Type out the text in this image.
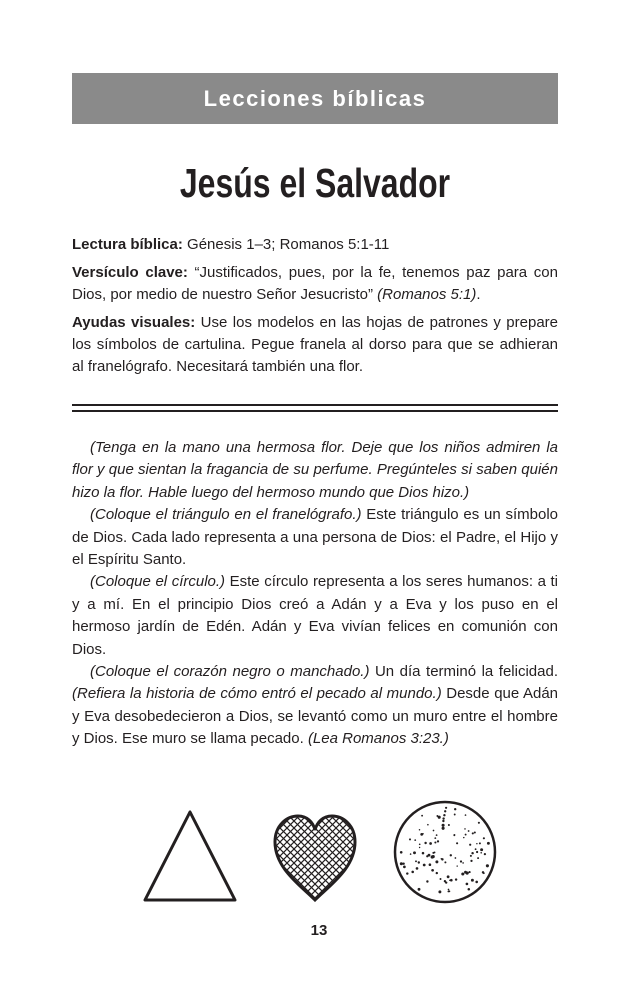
Lecciones bíblicas
Jesús el Salvador

Lectura bíblica: Génesis 1–3; Romanos 5:1-11

Versículo clave: “Justificados, pues, por la fe, tenemos paz para con Dios, por medio de nuestro Señor Jesucristo” (Romanos 5:1).

Ayudas visuales: Use los modelos en las hojas de patrones y prepare los símbolos de cartulina. Pegue franela al dorso para que se adhieran al franelógrafo. Necesitará también una flor.

(Tenga en la mano una hermosa flor. Deje que los niños admiren la flor y que sientan la fragancia de su perfume. Pregúnteles si saben quién hizo la flor. Hable luego del hermoso mundo que Dios hizo.)

(Coloque el triángulo en el franelógrafo.) Este triángulo es un símbolo de Dios. Cada lado representa a una persona de Dios: el Padre, el Hijo y el Espíritu Santo.

(Coloque el círculo.) Este círculo representa a los seres humanos: a ti y a mí. En el principio Dios creó a Adán y a Eva y los puso en el hermoso jardín de Edén. Adán y Eva vivían felices en comunión con Dios.

(Coloque el corazón negro o manchado.) Un día terminó la felicidad. (Refiera la historia de cómo entró el pecado al mundo.) Desde que Adán y Eva desobedecieron a Dios, se levantó como un muro entre el hombre y Dios. Ese muro se llama pecado. (Lea Romanos 3:23.)

13
